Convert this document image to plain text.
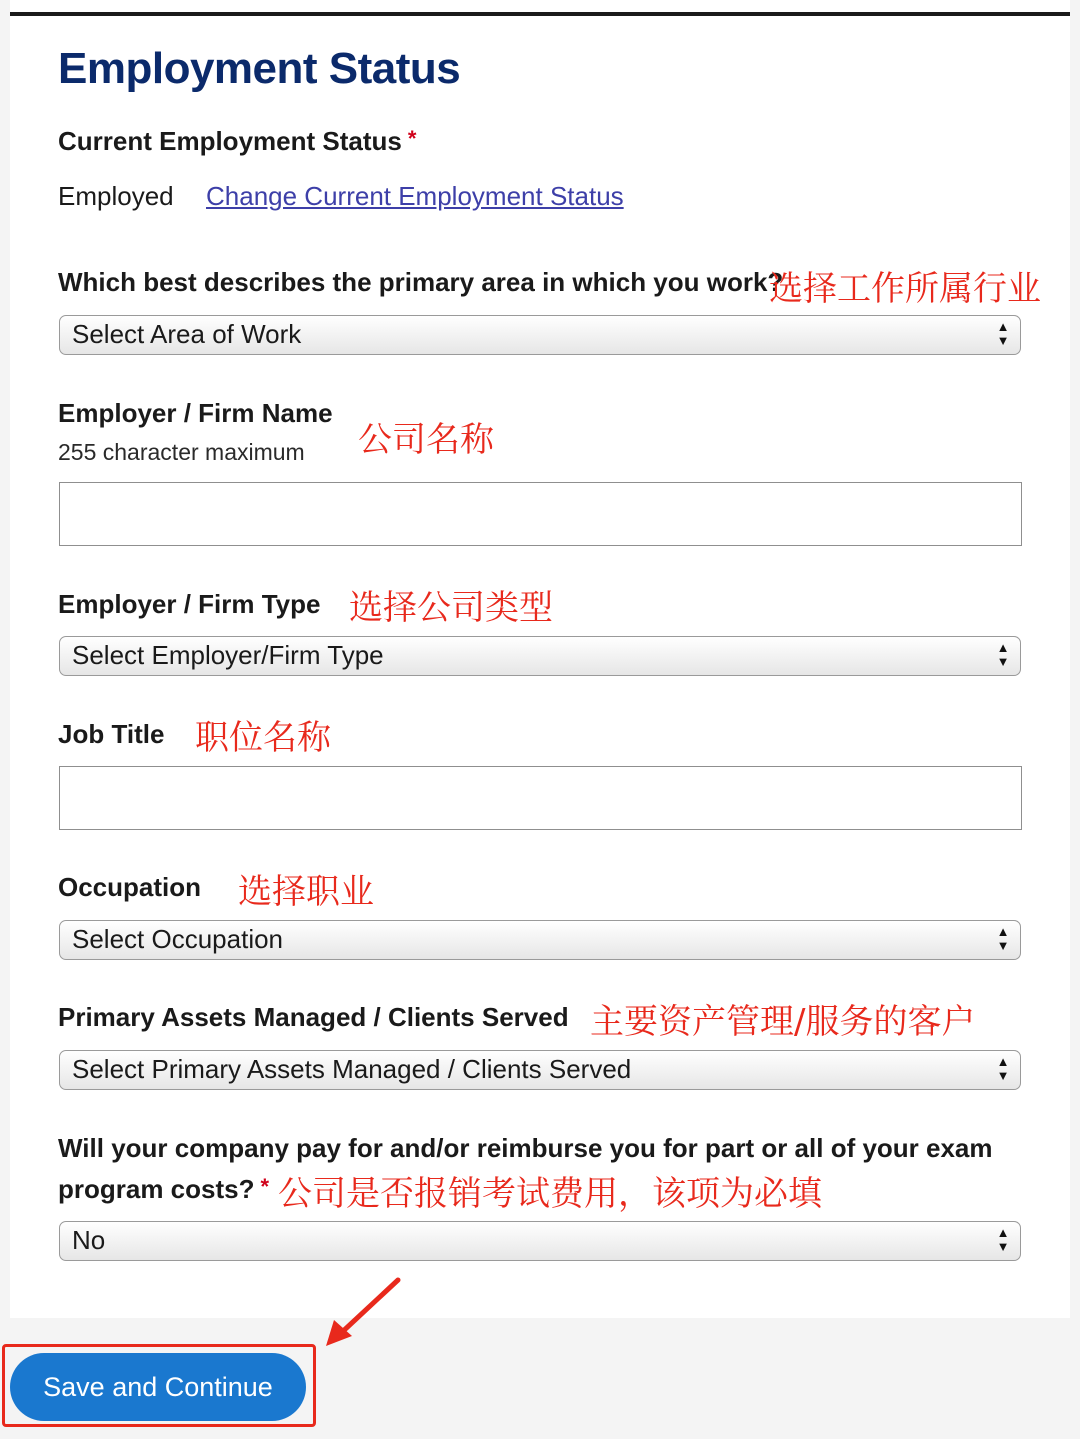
Employment Status
Current Employment Status *
Employed Change Current Employment Status
Which best describes the primary area in which you work?
选择工作所属行业
Select Area of Work	▲
▼
Employer / Firm Name
255 character maximum 公司名称
Employer / Firm Type 选择公司类型
Select Employer/Firm Type	▲
▼
Job Title 职位名称
Occupation 选择职业
Select Occupation	▲
▼
Primary Assets Managed / Clients Served 主要资产管理/服务的客户
Select Primary Assets Managed / Clients Served	▲
▼
Will your company pay for and/or reimburse you for part or all of your exam
program costs? * 公司是否报销考试费用，该项为必填
No	▲
▼
Save and Continue
